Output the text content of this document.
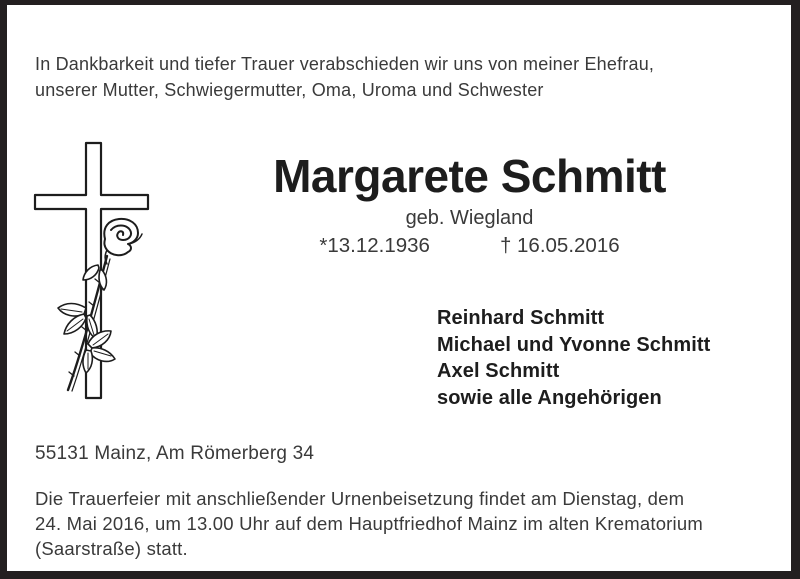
In Dankbarkeit und tiefer Trauer verabschieden wir uns von meiner Ehefrau,
unserer Mutter, Schwiegermutter, Oma, Uroma und Schwester
Margarete Schmitt
geb. Wiegland
*13.12.1936	† 16.05.2016
Reinhard Schmitt
Michael und Yvonne Schmitt
Axel Schmitt
sowie alle Angehörigen
55131 Mainz, Am Römerberg 34
Die Trauerfeier mit anschließender Urnenbeisetzung findet am Dienstag, dem
24. Mai 2016, um 13.00 Uhr auf dem Hauptfriedhof Mainz im alten Krematorium
(Saarstraße) statt.
